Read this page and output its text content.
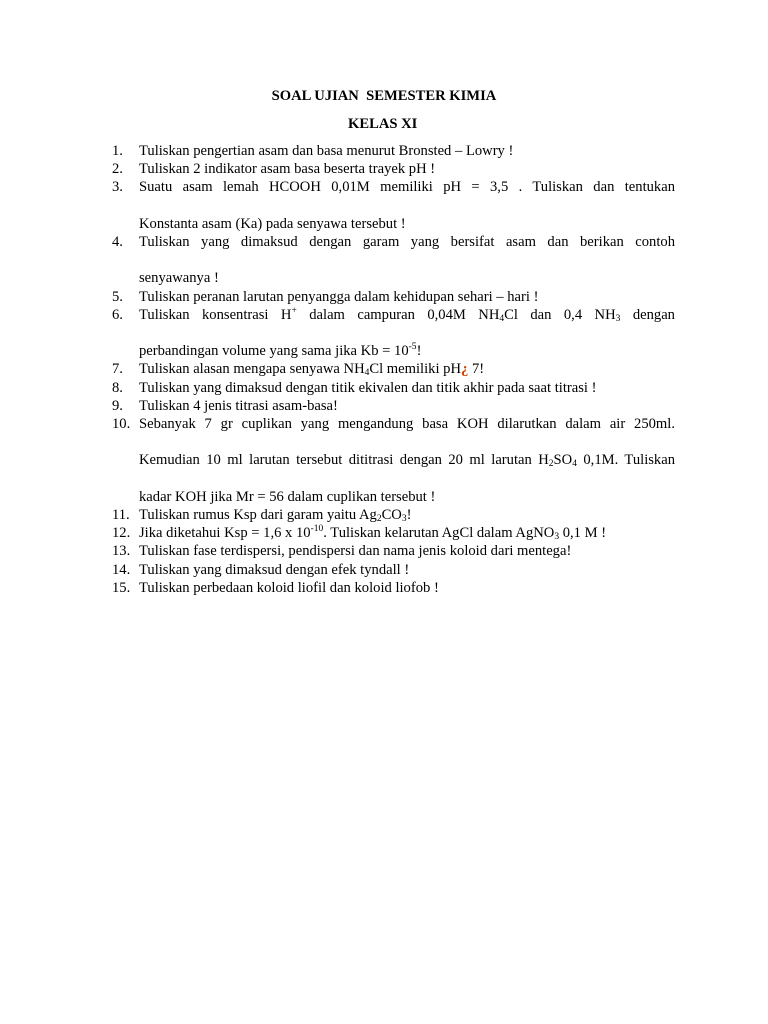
SOAL UJIAN  SEMESTER KIMIA
KELAS XI
1. Tuliskan pengertian asam dan basa menurut Bronsted – Lowry !
2. Tuliskan 2 indikator asam basa beserta trayek pH !
3. Suatu asam lemah HCOOH 0,01M memiliki pH = 3,5 . Tuliskan dan tentukan
Konstanta asam (Ka) pada senyawa tersebut !
4. Tuliskan yang dimaksud dengan garam yang bersifat asam dan berikan contoh
senyawanya !
5. Tuliskan peranan larutan penyangga dalam kehidupan sehari – hari !
6. Tuliskan konsentrasi H+ dalam campuran 0,04M $NH_4Cl$ dan 0,4 $NH_3$ dengan
perbandingan volume yang sama jika $Kb = 10^{-5}$!
7. Tuliskan alasan mengapa senyawa $NH_4Cl$ memiliki pH¿ 7!
8. Tuliskan yang dimaksud dengan titik ekivalen dan titik akhir pada saat titrasi !
9. Tuliskan 4 jenis titrasi asam-basa!
10. Sebanyak 7 gr cuplikan yang mengandung basa KOH dilarutkan dalam air 250ml.
Kemudian 10 ml larutan tersebut dititrasi dengan 20 ml larutan $H_2SO_4$ 0,1M. Tuliskan
kadar KOH jika Mr = 56 dalam cuplikan tersebut !
11. Tuliskan rumus Ksp dari garam yaitu $Ag_2CO_3$!
12. Jika diketahui Ksp = 1,6 x $10^{-10}$. Tuliskan kelarutan AgCl dalam AgNO$_3$ 0,1 M !
13. Tuliskan fase terdispersi, pendispersi dan nama jenis koloid dari mentega!
14. Tuliskan yang dimaksud dengan efek tyndall !
15. Tuliskan perbedaan koloid liofil dan koloid liofob !
